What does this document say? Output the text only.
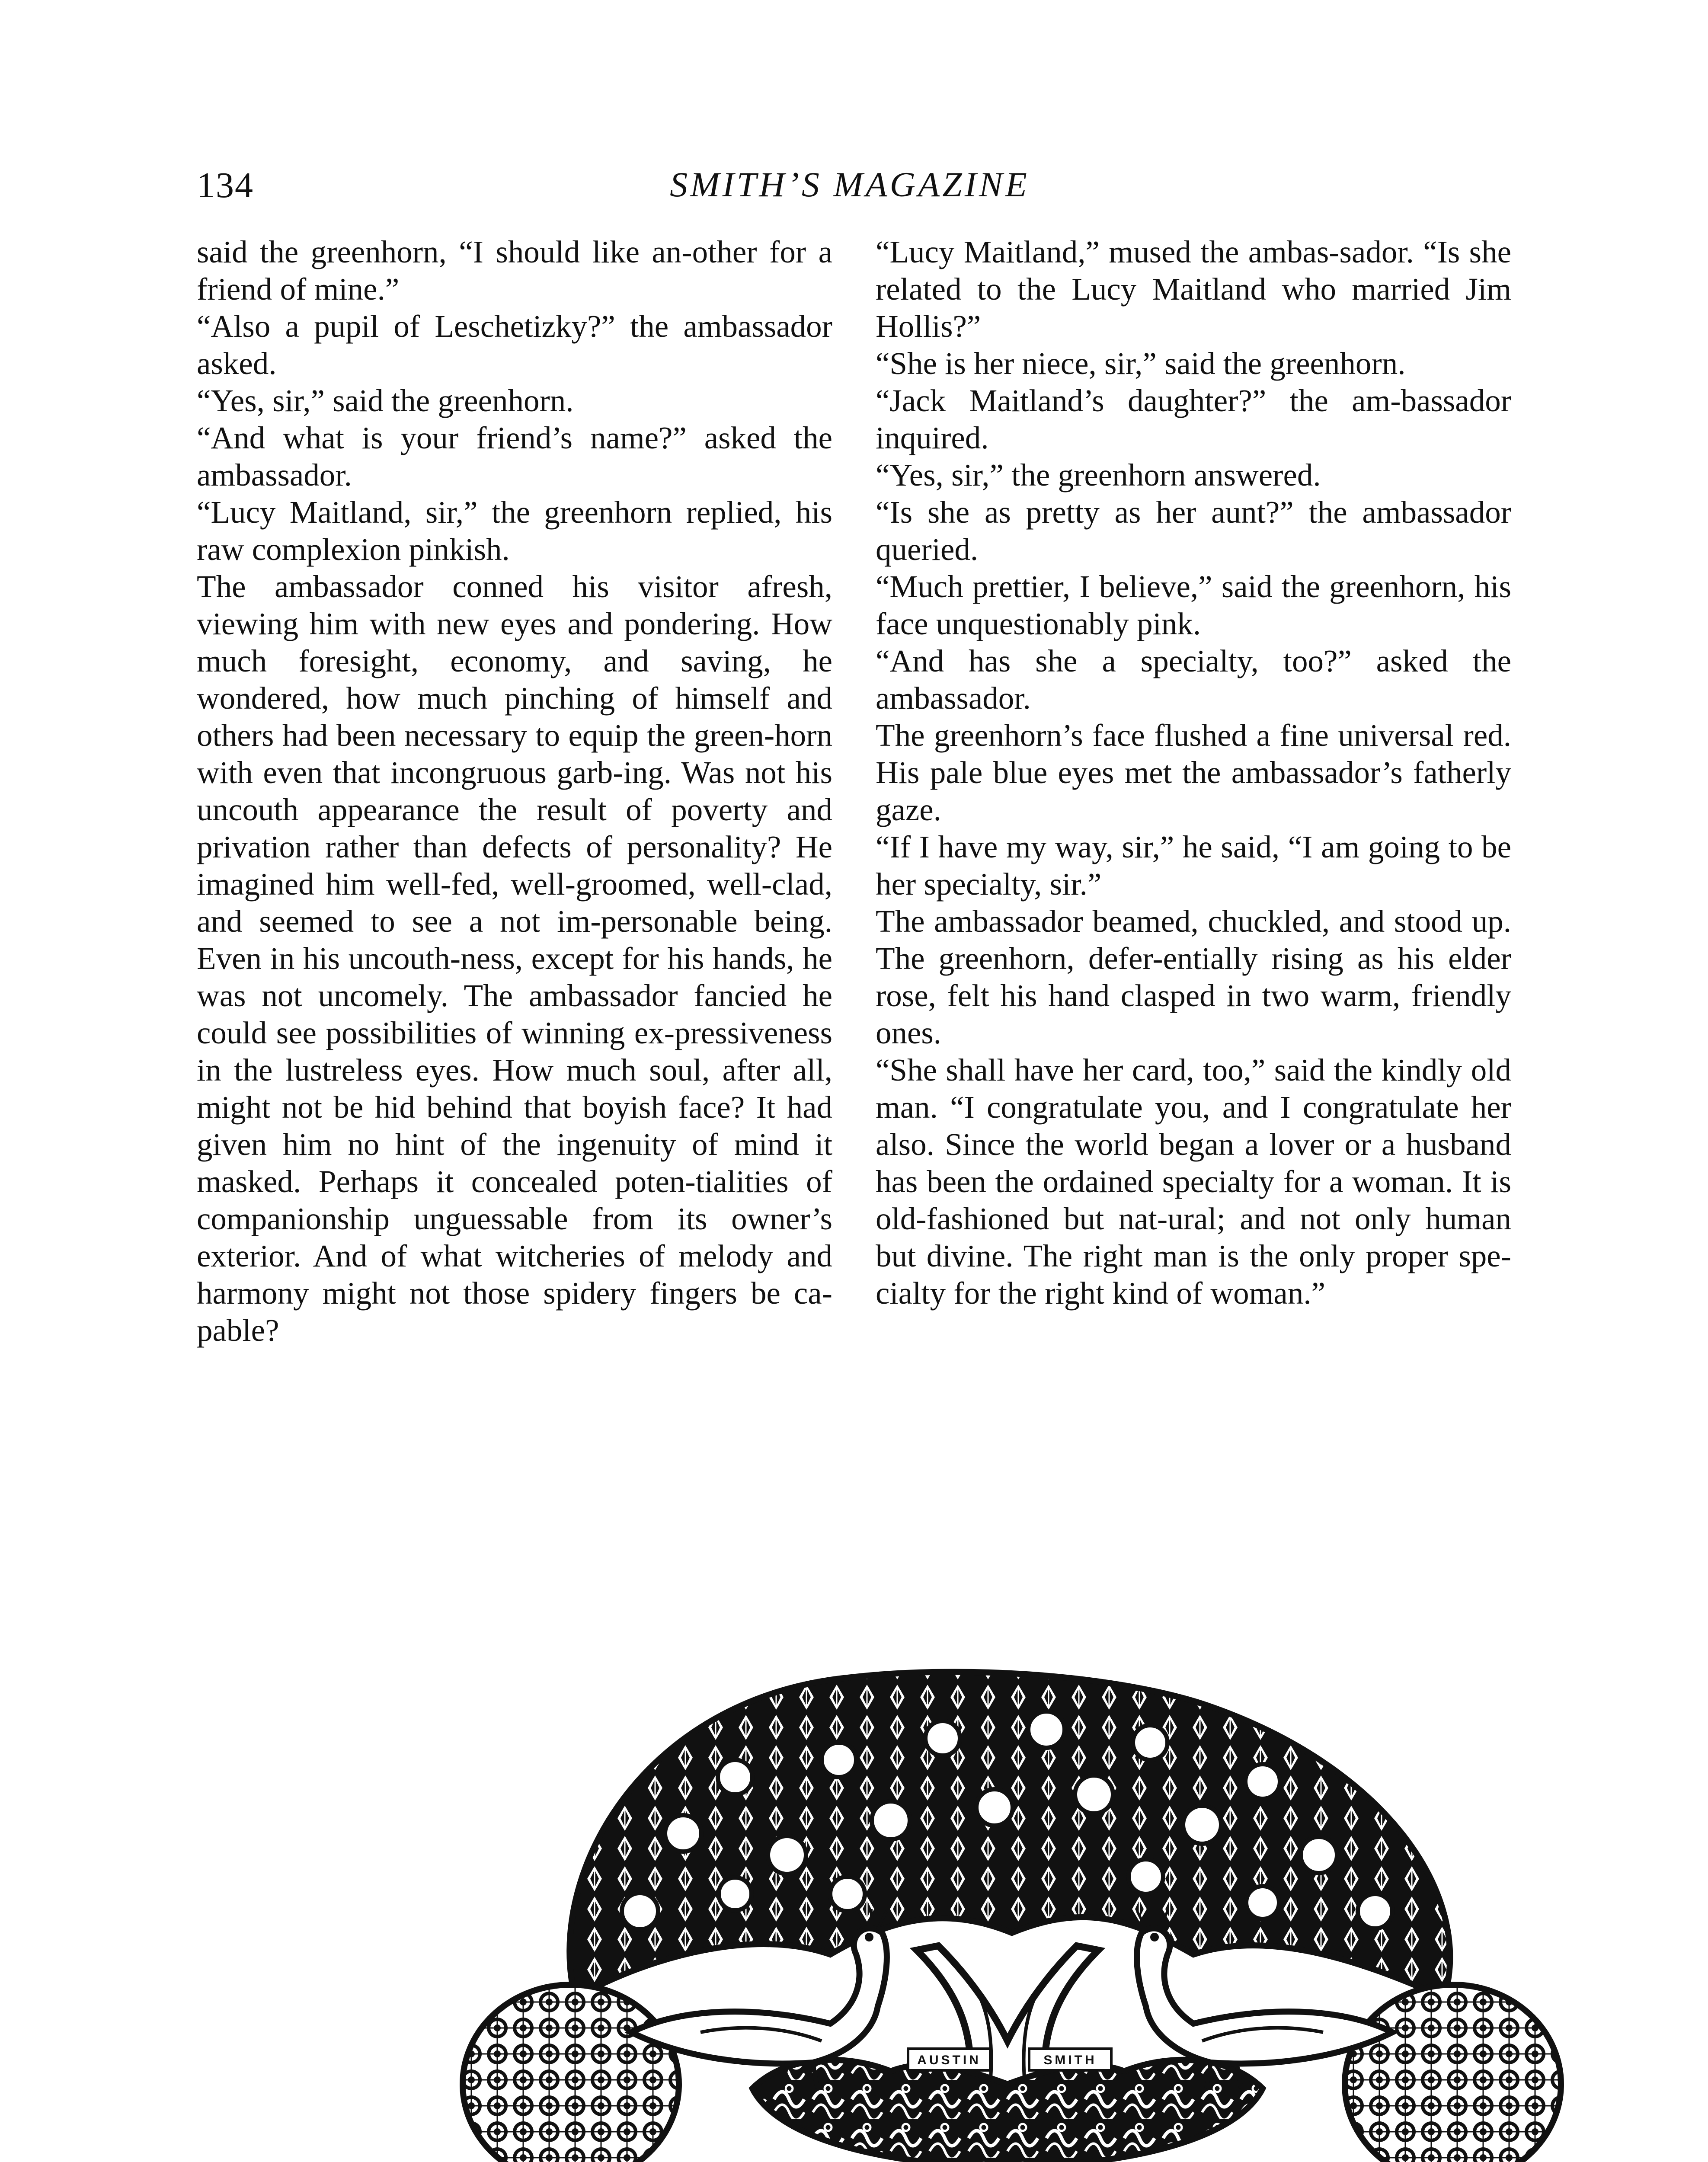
134	SMITH’S MAGAZINE

said the greenhorn, “I should like an-other for a friend of mine.”

“Also a pupil of Leschetizky?” the ambassador asked.

“Yes, sir,” said the greenhorn.

“And what is your friend’s name?” asked the ambassador.

“Lucy Maitland, sir,” the greenhorn replied, his raw complexion pinkish.

The ambassador conned his visitor afresh, viewing him with new eyes and pondering. How much foresight, economy, and saving, he wondered, how much pinching of himself and others had been necessary to equip the green-horn with even that incongruous garb-ing. Was not his uncouth appearance the result of poverty and privation rather than defects of personality? He imagined him well-fed, well-groomed, well-clad, and seemed to see a not im-personable being. Even in his uncouth-ness, except for his hands, he was not uncomely. The ambassador fancied he could see possibilities of winning ex-pressiveness in the lustreless eyes. How much soul, after all, might not be hid behind that boyish face? It had given him no hint of the ingenuity of mind it masked. Perhaps it concealed poten-tialities of companionship unguessable from its owner’s exterior. And of what witcheries of melody and harmony might not those spidery fingers be ca-pable?

“Lucy Maitland,” mused the ambas-sador. “Is she related to the Lucy Maitland who married Jim Hollis?”

“She is her niece, sir,” said the greenhorn.

“Jack Maitland’s daughter?” the am-bassador inquired.

“Yes, sir,” the greenhorn answered.

“Is she as pretty as her aunt?” the ambassador queried.

“Much prettier, I believe,” said the greenhorn, his face unquestionably pink.

“And has she a specialty, too?” asked the ambassador.

The greenhorn’s face flushed a fine universal red. His pale blue eyes met the ambassador’s fatherly gaze.

“If I have my way, sir,” he said, “I am going to be her specialty, sir.”

The ambassador beamed, chuckled, and stood up. The greenhorn, defer-entially rising as his elder rose, felt his hand clasped in two warm, friendly ones.

“She shall have her card, too,” said the kindly old man. “I congratulate you, and I congratulate her also. Since the world began a lover or a husband has been the ordained specialty for a woman. It is old-fashioned but nat-ural; and not only human but divine. The right man is the only proper spe-cialty for the right kind of woman.”

AUSTIN	SMITH
